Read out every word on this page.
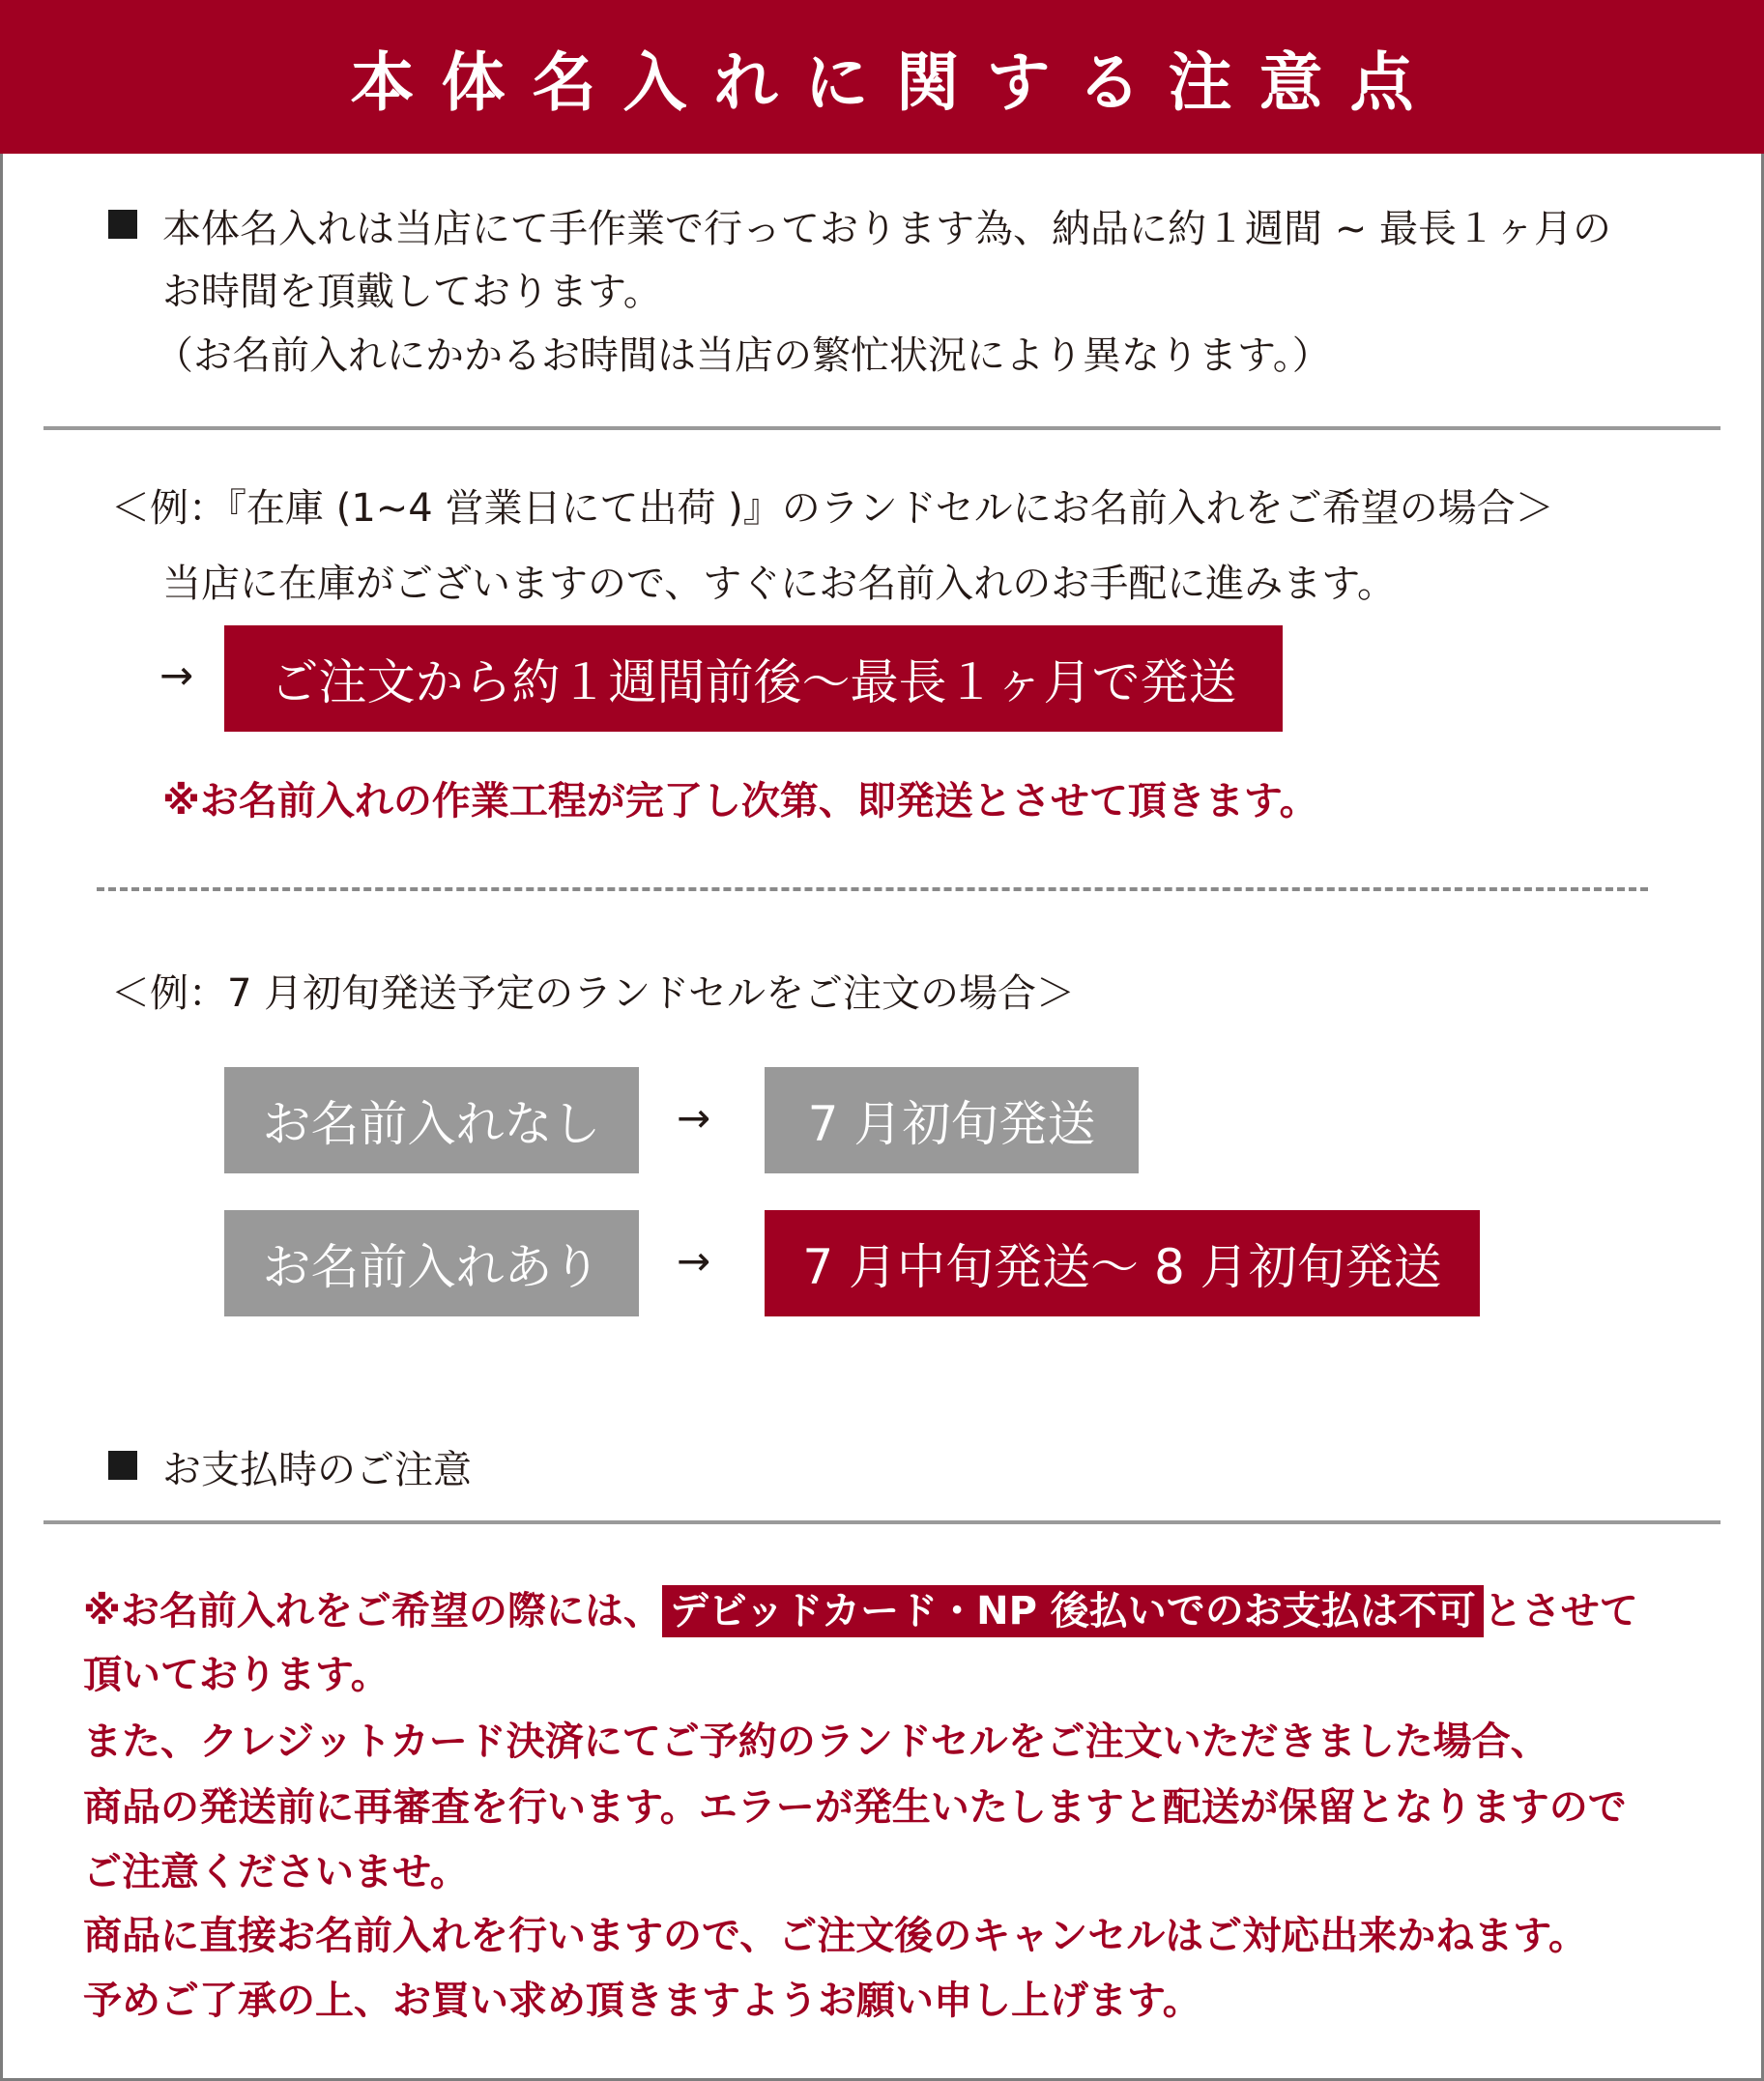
本体名入れに関する注意点
本体名入れは当店にて手作業で行っております為、納品に約１週間 ~ 最長１ヶ月の
お時間を頂戴しております。
（お名前入れにかかるお時間は当店の繁忙状況により異なります。）
＜例：『在庫 (1~4 営業日にて出荷 )』のランドセルにお名前入れをご希望の場合＞
当店に在庫がございますので、すぐにお名前入れのお手配に進みます。
→	ご注文から約１週間前後～最長１ヶ月で発送
※お名前入れの作業工程が完了し次第、即発送とさせて頂きます。
＜例：7 月初旬発送予定のランドセルをご注文の場合＞
お名前入れなし	→	7 月初旬発送
お名前入れあり	→	7 月中旬発送～ 8 月初旬発送
お支払時のご注意
※お名前入れをご希望の際には、 デビッドカード・NP 後払いでのお支払は不可 とさせて
頂いております。
また、クレジットカード決済にてご予約のランドセルをご注文いただきました場合、
商品の発送前に再審査を行います。エラーが発生いたしますと配送が保留となりますので
ご注意くださいませ。
商品に直接お名前入れを行いますので、ご注文後のキャンセルはご対応出来かねます。
予めご了承の上、お買い求め頂きますようお願い申し上げます。
